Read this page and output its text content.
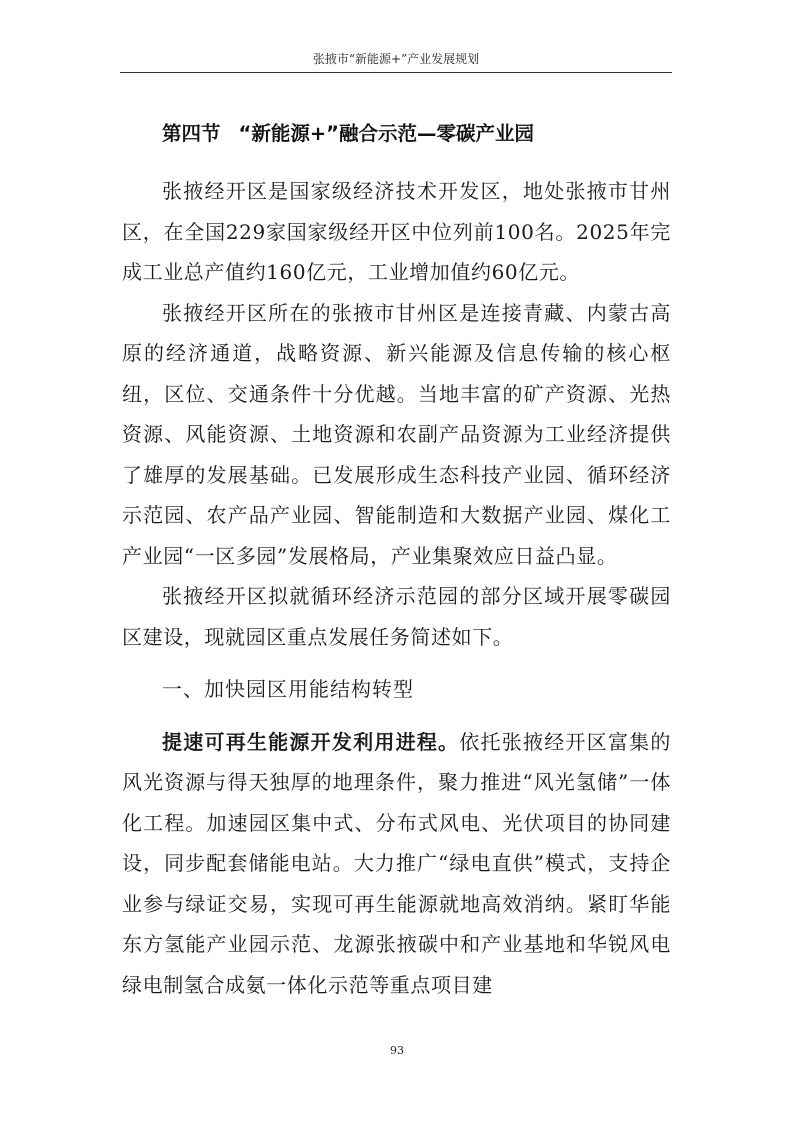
张掖市“新能源+”产业发展规划
第四节 “新能源+”融合示范—零碳产业园

张掖经开区是国家级经济技术开发区，地处张掖市甘州区，在全国229家国家级经开区中位列前100名。2025年完成工业总产值约160亿元，工业增加值约60亿元。

张掖经开区所在的张掖市甘州区是连接青藏、内蒙古高原的经济通道，战略资源、新兴能源及信息传输的核心枢纽，区位、交通条件十分优越。当地丰富的矿产资源、光热资源、风能资源、土地资源和农副产品资源为工业经济提供了雄厚的发展基础。已发展形成生态科技产业园、循环经济示范园、农产品产业园、智能制造和大数据产业园、煤化工产业园“一区多园”发展格局，产业集聚效应日益凸显。

张掖经开区拟就循环经济示范园的部分区域开展零碳园区建设，现就园区重点发展任务简述如下。

一、加快园区用能结构转型

提速可再生能源开发利用进程。依托张掖经开区富集的风光资源与得天独厚的地理条件，聚力推进“风光氢储”一体化工程。加速园区集中式、分布式风电、光伏项目的协同建设，同步配套储能电站。大力推广“绿电直供”模式，支持企业参与绿证交易，实现可再生能源就地高效消纳。紧盯华能东方氢能产业园示范、龙源张掖碳中和产业基地和华锐风电绿电制氢合成氨一体化示范等重点项目建

93
